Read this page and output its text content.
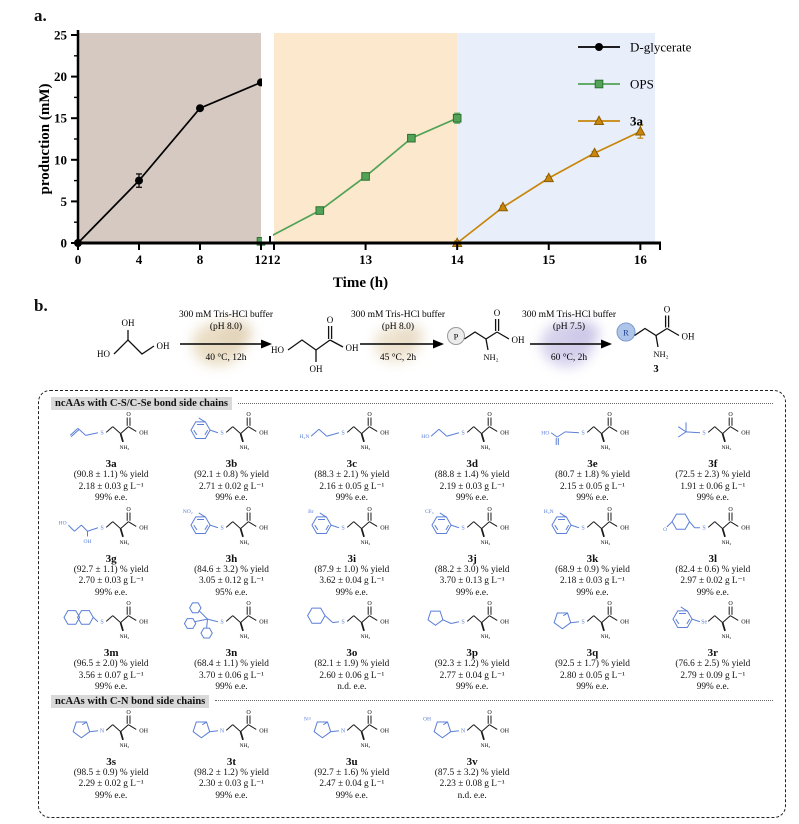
a.
0
5
10
15
20
25
0	4	8	12 12	13	14	15	16
Time (h)
production (mM)
D-glycerate
OPS
3a
b.
HO
OH
OH
300 mM Tris-HCl buffer
(pH 8.0)
40 °C, 12h
HO
O
OH
OH
300 mM Tris-HCl buffer
(pH 8.0)
45 °C, 2h
P
O
OH
NH₂
300 mM Tris-HCl buffer
(pH 7.5)
60 °C, 2h
R
O
OH
NH₂
3
ncAAs with C-S/C-Se bond side chains
O
OH
NH₂
S
3a
(90.8 ± 1.1) % yield
2.18 ± 0.03 g L⁻¹
99% e.e.
O
OH
NH₂
S
3b
(92.1 ± 0.8) % yield
2.71 ± 0.02 g L⁻¹
99% e.e.
O
OH
NH₂
S
H₂N
3c
(88.3 ± 2.1) % yield
2.16 ± 0.05 g L⁻¹
99% e.e.
O
OH
NH₂
S
HO
3d
(88.8 ± 1.4) % yield
2.19 ± 0.03 g L⁻¹
99% e.e.
O
OH
NH₂
S
HO
3e
(80.7 ± 1.8) % yield
2.15 ± 0.05 g L⁻¹
99% e.e.
O
OH
NH₂
S
3f
(72.5 ± 2.3) % yield
1.91 ± 0.06 g L⁻¹
99% e.e.
O
OH
NH₂
S
HO
OH
3g
(92.7 ± 1.1) % yield
2.70 ± 0.03 g L⁻¹
99% e.e.
O
OH
NH₂
S
NO₂
3h
(84.6 ± 3.2) % yield
3.05 ± 0.12 g L⁻¹
95% e.e.
O
OH
NH₂
S
Br
3i
(87.9 ± 1.0) % yield
3.62 ± 0.04 g L⁻¹
99% e.e.
O
OH
NH₂
S
CF₃
3j
(88.2 ± 3.0) % yield
3.70 ± 0.13 g L⁻¹
99% e.e.
O
OH
NH₂
S
H₂N
3k
(68.9 ± 0.9) % yield
2.18 ± 0.03 g L⁻¹
99% e.e.
O
OH
NH₂
S
O
3l
(82.4 ± 0.6) % yield
2.97 ± 0.02 g L⁻¹
99% e.e.
O
OH
NH₂
S
3m
(96.5 ± 2.0) % yield
3.56 ± 0.07 g L⁻¹
99% e.e.
O
OH
NH₂
S
3n
(68.4 ± 1.1) % yield
3.70 ± 0.06 g L⁻¹
99% e.e.
O
OH
NH₂
S
3o
(82.1 ± 1.9) % yield
2.60 ± 0.06 g L⁻¹
n.d. e.e.
O
OH
NH₂
S
3p
(92.3 ± 1.2) % yield
2.77 ± 0.04 g L⁻¹
99% e.e.
O
OH
NH₂
S
3q
(92.5 ± 1.7) % yield
2.80 ± 0.05 g L⁻¹
99% e.e.
O
OH
NH₂
Se
3r
(76.6 ± 2.5) % yield
2.79 ± 0.09 g L⁻¹
99% e.e.
ncAAs with C-N bond side chains
O
OH
NH₂
N
3s
(98.5 ± 0.9) % yield
2.29 ± 0.02 g L⁻¹
99% e.e.
O
OH
NH₂
N
3t
(98.2 ± 1.2) % yield
2.30 ± 0.03 g L⁻¹
99% e.e.
O
OH
NH₂
N
N≡
3u
(92.7 ± 1.6) % yield
2.47 ± 0.04 g L⁻¹
99% e.e.
O
OH
NH₂
N
OH
3v
(87.5 ± 3.2) % yield
2.23 ± 0.08 g L⁻¹
n.d. e.e.
